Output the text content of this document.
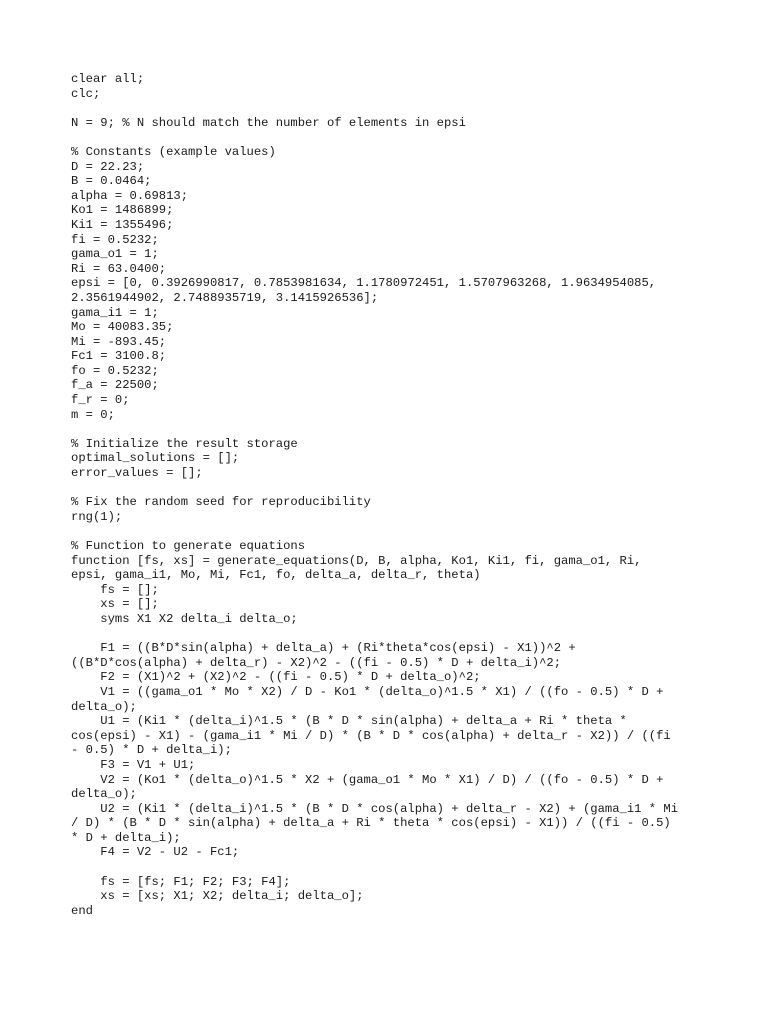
clear all;
clc;
N = 9; % N should match the number of elements in epsi
% Constants (example values)
D = 22.23;
B = 0.0464;
alpha = 0.69813;
Ko1 = 1486899;
Ki1 = 1355496;
fi = 0.5232;
gama_o1 = 1;
Ri = 63.0400;
epsi = [0, 0.3926990817, 0.7853981634, 1.1780972451, 1.5707963268, 1.9634954085,
2.3561944902, 2.7488935719, 3.1415926536];
gama_i1 = 1;
Mo = 40083.35;
Mi = -893.45;
Fc1 = 3100.8;
fo = 0.5232;
f_a = 22500;
f_r = 0;
m = 0;
% Initialize the result storage
optimal_solutions = [];
error_values = [];
% Fix the random seed for reproducibility
rng(1);
% Function to generate equations
function [fs, xs] = generate_equations(D, B, alpha, Ko1, Ki1, fi, gama_o1, Ri,
epsi, gama_i1, Mo, Mi, Fc1, fo, delta_a, delta_r, theta)
fs = [];
xs = [];
syms X1 X2 delta_i delta_o;
F1 = ((B*D*sin(alpha) + delta_a) + (Ri*theta*cos(epsi) - X1))^2 +
((B*D*cos(alpha) + delta_r) - X2)^2 - ((fi - 0.5) * D + delta_i)^2;
F2 = (X1)^2 + (X2)^2 - ((fi - 0.5) * D + delta_o)^2;
V1 = ((gama_o1 * Mo * X2) / D - Ko1 * (delta_o)^1.5 * X1) / ((fo - 0.5) * D +
delta_o);
U1 = (Ki1 * (delta_i)^1.5 * (B * D * sin(alpha) + delta_a + Ri * theta *
cos(epsi) - X1) - (gama_i1 * Mi / D) * (B * D * cos(alpha) + delta_r - X2)) / ((fi
- 0.5) * D + delta_i);
F3 = V1 + U1;
V2 = (Ko1 * (delta_o)^1.5 * X2 + (gama_o1 * Mo * X1) / D) / ((fo - 0.5) * D +
delta_o);
U2 = (Ki1 * (delta_i)^1.5 * (B * D * cos(alpha) + delta_r - X2) + (gama_i1 * Mi
/ D) * (B * D * sin(alpha) + delta_a + Ri * theta * cos(epsi) - X1)) / ((fi - 0.5)
* D + delta_i);
F4 = V2 - U2 - Fc1;
fs = [fs; F1; F2; F3; F4];
xs = [xs; X1; X2; delta_i; delta_o];
end
